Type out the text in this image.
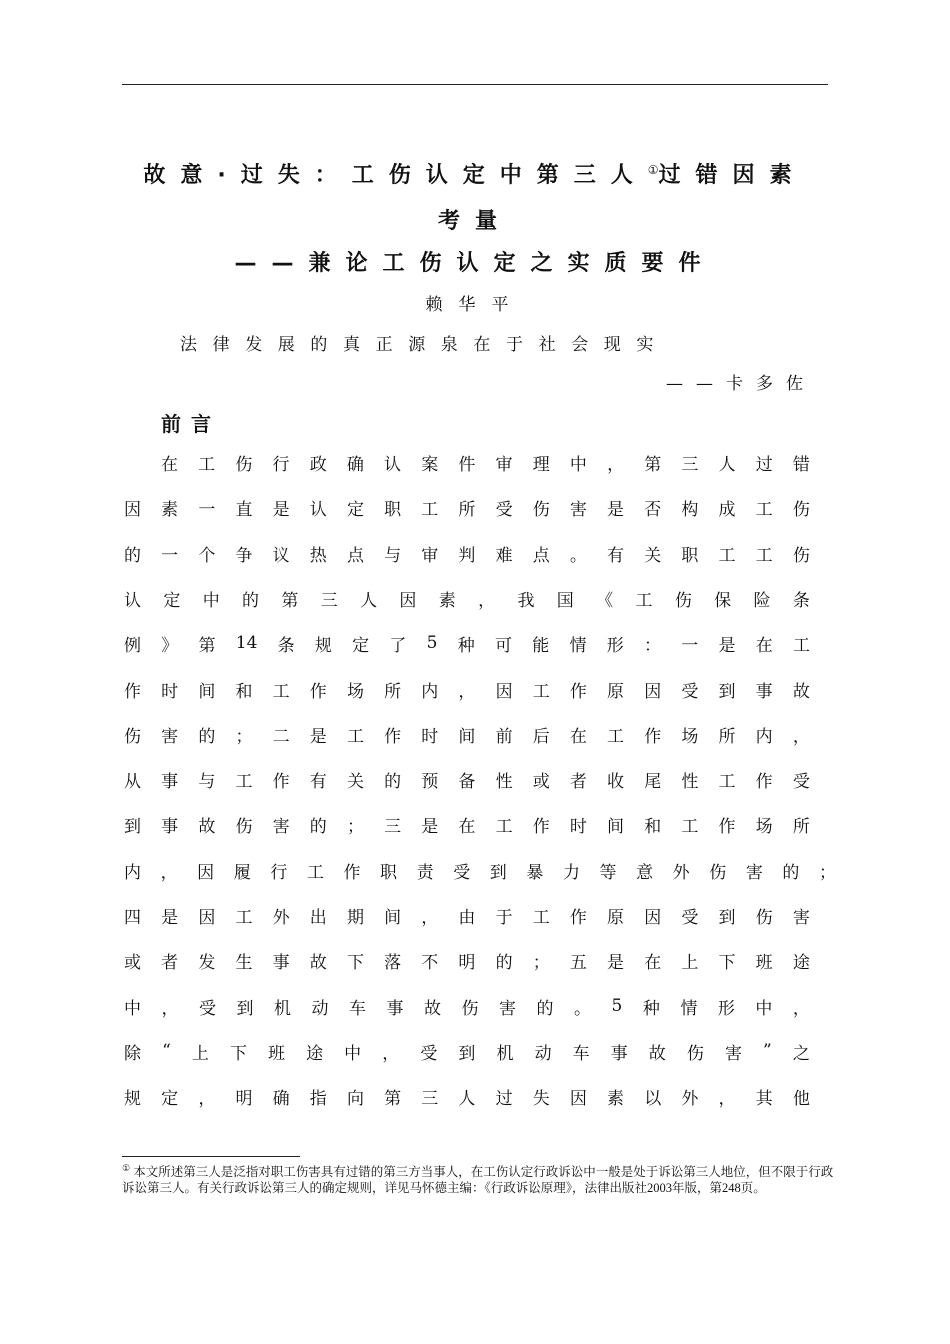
故意·过失：工伤认定中第三人①过错因素
考量
——兼论工伤认定之实质要件
赖华平
法律发展的真正源泉在于社会现实
——卡多佐
前言
在 工 伤 行 政 确 认 案 件 审 理 中 ， 第 三 人 过 错
因 素 一 直 是 认 定 职 工 所 受 伤 害 是 否 构 成 工 伤
的 一 个 争 议 热 点 与 审 判 难 点 。 有 关 职 工 工 伤
认 定 中 的 第 三 人 因 素 ， 我 国 《 工 伤 保 险 条
例 》 第 14 条 规 定 了 5 种 可 能 情 形 ： 一 是 在 工
作 时 间 和 工 作 场 所 内 ， 因 工 作 原 因 受 到 事 故
伤 害 的 ； 二 是 工 作 时 间 前 后 在 工 作 场 所 内 ，
从 事 与 工 作 有 关 的 预 备 性 或 者 收 尾 性 工 作 受
到 事 故 伤 害 的 ； 三 是 在 工 作 时 间 和 工 作 场 所
内 ， 因 履 行 工 作 职 责 受 到 暴 力 等 意 外 伤 害 的 ；
四 是 因 工 外 出 期 间 ， 由 于 工 作 原 因 受 到 伤 害
或 者 发 生 事 故 下 落 不 明 的 ； 五 是 在 上 下 班 途
中 ， 受 到 机 动 车 事 故 伤 害 的 。 5 种 情 形 中 ，
除 “ 上 下 班 途 中 ， 受 到 机 动 车 事 故 伤 害 ” 之
规 定 ， 明 确 指 向 第 三 人 过 失 因 素 以 外 ， 其 他
① 本文所述第三人是泛指对职工伤害具有过错的第三方当事人，在工伤认定行政诉讼中一般是处于诉讼第三人地位，但不限于行政诉讼第三人。有关行政诉讼第三人的确定规则，详见马怀德主编：《行政诉讼原理》，法律出版社2003年版，第248页。
